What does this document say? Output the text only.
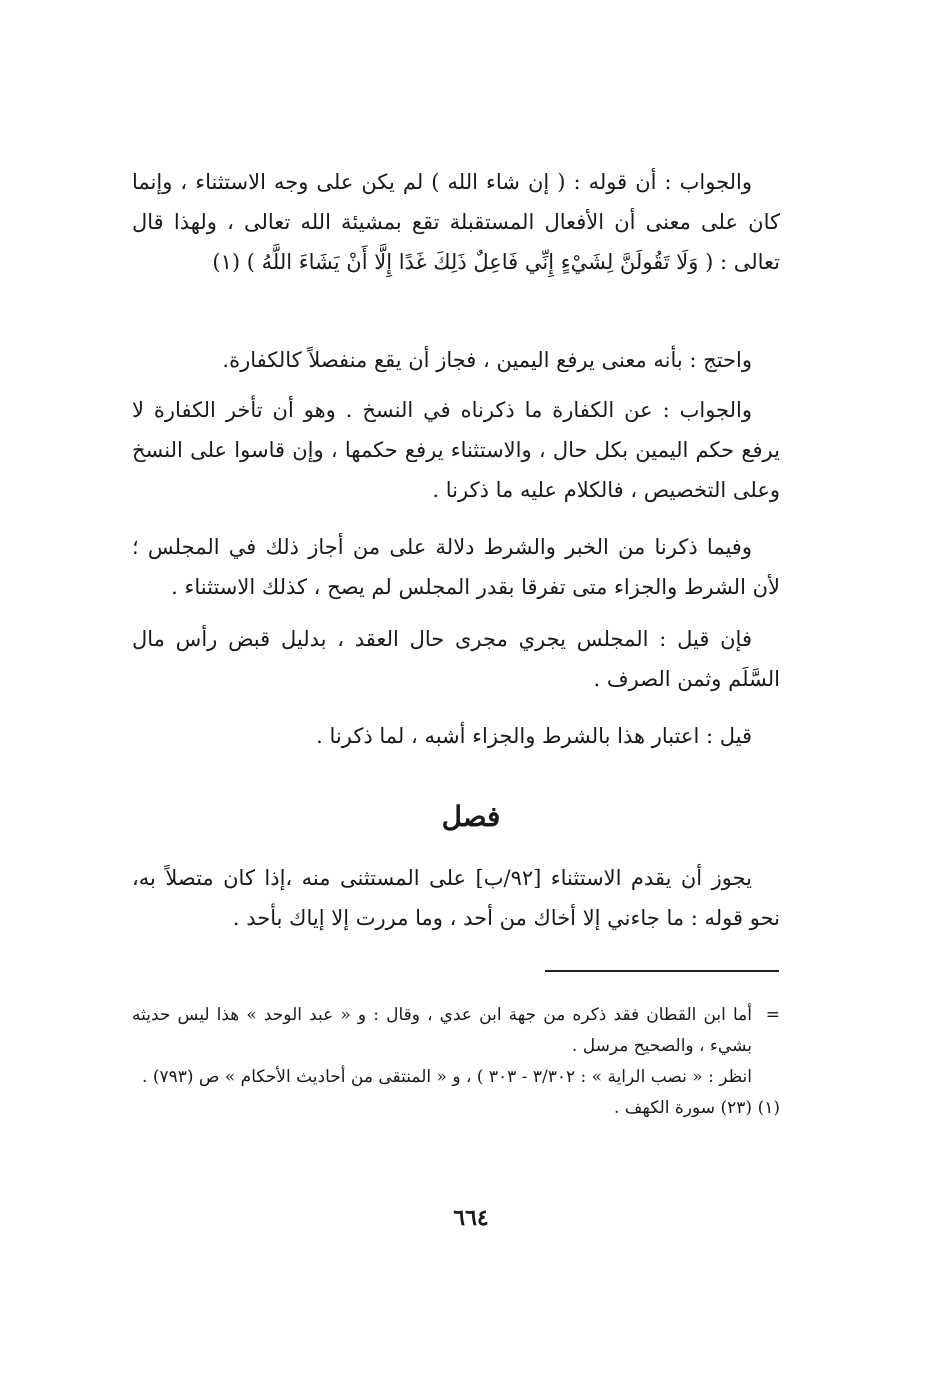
والجواب : أن قوله : ( إن شاء الله ) لم يكن على وجه الاستثناء ، وإنما كان على معنى أن الأفعال المستقبلة تقع بمشيئة الله تعالى ، ولهذا قال تعالى : ( وَلَا تَقُولَنَّ لِشَيْءٍ إِنِّي فَاعِلٌ ذَلِكَ غَدًا إِلَّا أَنْ يَشَاءَ اللَّهُ ) (١)

واحتج : بأنه معنى يرفع اليمين ، فجاز أن يقع منفصلاً كالكفارة.

والجواب : عن الكفارة ما ذكرناه في النسخ . وهو أن تأخر الكفارة لا يرفع حكم اليمين بكل حال ، والاستثناء يرفع حكمها ، وإن قاسوا على النسخ وعلى التخصيص ، فالكلام عليه ما ذكرنا .

وفيما ذكرنا من الخبر والشرط دلالة على من أجاز ذلك في المجلس ؛ لأن الشرط والجزاء متى تفرقا بقدر المجلس لم يصح ، كذلك الاستثناء .

فإن قيل : المجلس يجري مجرى حال العقد ، بدليل قبض رأس مال السَّلَم وثمن الصرف .

قيل : اعتبار هذا بالشرط والجزاء أشبه ، لما ذكرنا .

فصل

يجوز أن يقدم الاستثناء [٩٢/ب] على المستثنى منه ،إذا كان متصلاً به، نحو قوله : ما جاءني إلا أخاك من أحد ، وما مررت إلا إياك بأحد .

=
أما ابن القطان فقد ذكره من جهة ابن عدي ، وقال : و « عبد الوحد » هذا ليس حديثه بشيء ، والصحيح مرسل .
انظر : « نصب الراية » : ٣/٣٠٢ - ٣٠٣ ) ، و « المنتقى من أحاديث الأحكام » ص (٧٩٣) .
(١)
(٢٣) سورة الكهف .
٦٦٤
